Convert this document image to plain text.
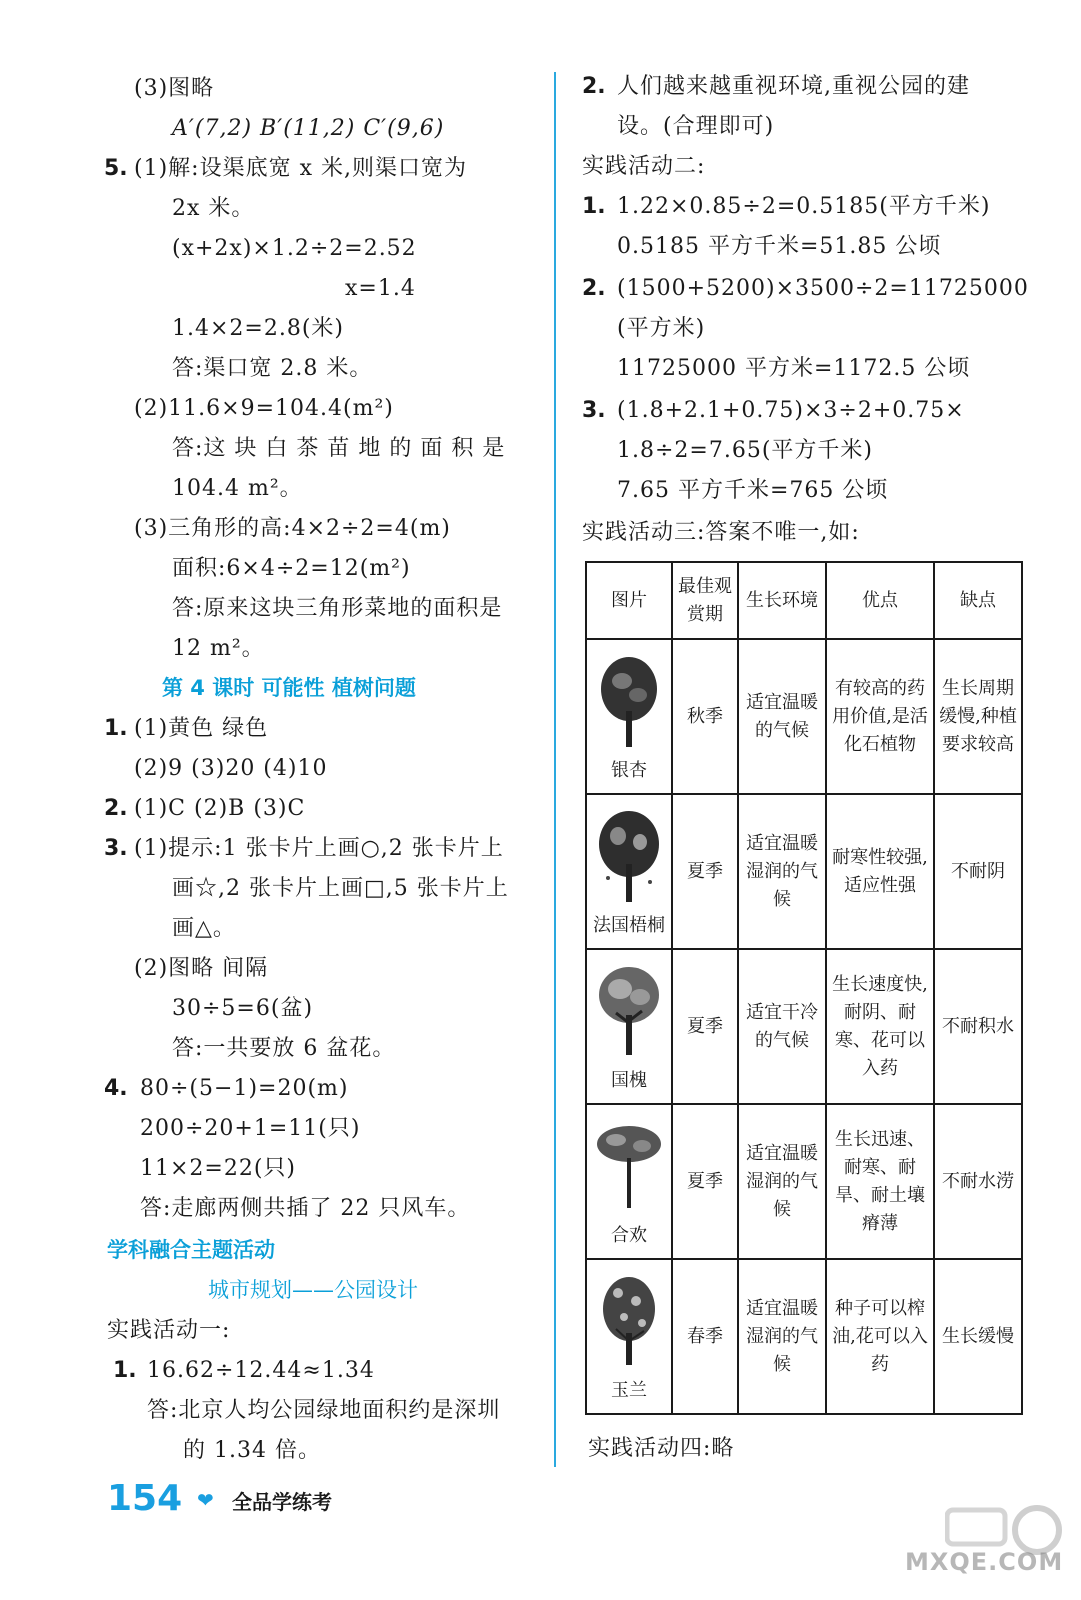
(3)图略
A′(7,2) B′(11,2) C′(9,6)
5. (1)解:设渠底宽 x 米,则渠口宽为
2x 米。
(x+2x)×1.2÷2=2.52
x=1.4
1.4×2=2.8(米)
答:渠口宽 2.8 米。
(2)11.6×9=104.4(m²)
答:这 块 白 茶 苗 地 的 面 积 是
104.4 m²。
(3)三角形的高:4×2÷2=4(m)
面积:6×4÷2=12(m²)
答:原来这块三角形菜地的面积是
12 m²。
第 4 课时 可能性 植树问题
1. (1)黄色 绿色
(2)9 (3)20 (4)10
2. (1)C (2)B (3)C
3. (1)提示:1 张卡片上画○,2 张卡片上
画☆,2 张卡片上画□,5 张卡片上
画△。
(2)图略 间隔
30÷5=6(盆)
答:一共要放 6 盆花。
4. 80÷(5−1)=20(m)
200÷20+1=11(只)
11×2=22(只)
答:走廊两侧共插了 22 只风车。
学科融合主题活动
城市规划——公园设计
实践活动一:
1. 16.62÷12.44≈1.34
答:北京人均公园绿地面积约是深圳
的 1.34 倍。
2. 人们越来越重视环境,重视公园的建
设。(合理即可)
实践活动二:
1. 1.22×0.85÷2=0.5185(平方千米)
0.5185 平方千米=51.85 公顷
2. (1500+5200)×3500÷2=11725000
(平方米)
11725000 平方米=1172.5 公顷
3. (1.8+2.1+0.75)×3÷2+0.75×
1.8÷2=7.65(平方千米)
7.65 平方千米=765 公顷
实践活动三:答案不唯一,如:
图片	最佳观赏期	生长环境	优点	缺点

银杏	秋季	适宜温暖的气候	有较高的药用价值,是活化石植物	生长周期缓慢,种植要求较高

法国梧桐	夏季	适宜温暖湿润的气候	耐寒性较强,适应性强	不耐阴

国槐	夏季	适宜干冷的气候	生长速度快,耐阴、耐寒、花可以入药	不耐积水

合欢	夏季	适宜温暖湿润的气候	生长迅速、耐寒、耐旱、耐土壤瘠薄	不耐水涝

玉兰	春季	适宜温暖湿润的气候	种子可以榨油,花可以入药	生长缓慢
实践活动四:略
154 ❤ 全品学练考
MXQE.COM
